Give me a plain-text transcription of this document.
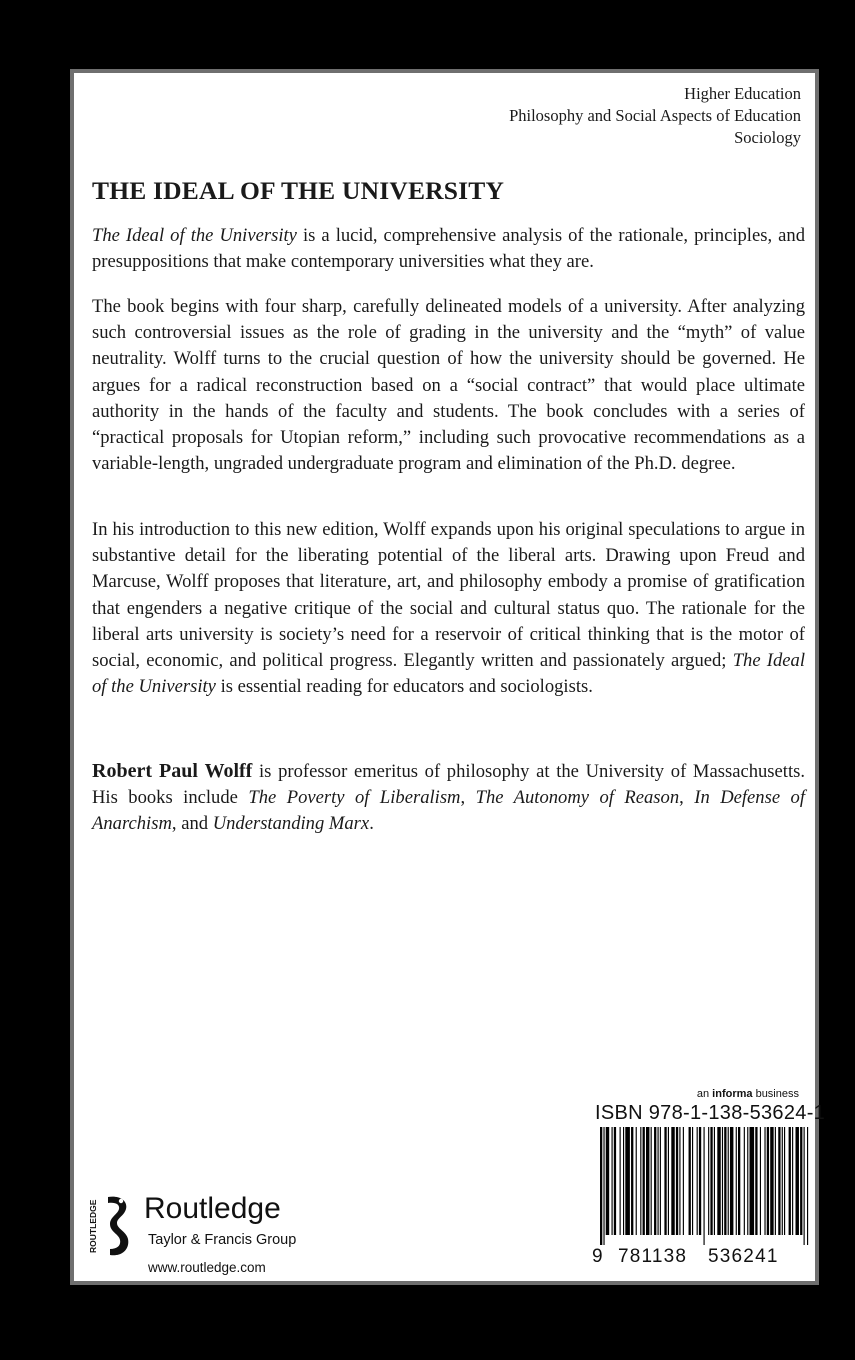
Higher Education
Philosophy and Social Aspects of Education
Sociology
THE IDEAL OF THE UNIVERSITY

The Ideal of the University is a lucid, comprehensive analysis of the rationale, principles, and presuppositions that make contemporary universities what they are.

The book begins with four sharp, carefully delineated models of a university. After analyzing such controversial issues as the role of grading in the university and the “myth” of value neutrality. Wolff turns to the crucial question of how the university should be governed. He argues for a radical reconstruction based on a “social contract” that would place ultimate authority in the hands of the faculty and students. The book concludes with a series of “practical proposals for Utopian reform,” including such provocative recommendations as a variable-length, ungraded undergraduate program and elimination of the Ph.D. degree.

In his introduction to this new edition, Wolff expands upon his original speculations to argue in substantive detail for the liberating potential of the liberal arts. Drawing upon Freud and Marcuse, Wolff proposes that literature, art, and philosophy embody a promise of gratification that engenders a negative critique of the social and cultural status quo. The rationale for the liberal arts university is society’s need for a reservoir of critical thinking that is the motor of social, economic, and political progress. Elegantly written and passionately argued; The Ideal of the University is essential reading for educators and sociologists.

Robert Paul Wolff is professor emeritus of philosophy at the University of Massachusetts. His books include The Poverty of Liberalism, The Autonomy of Reason, In Defense of Anarchism, and Understanding Marx.

an informa business
ISBN 978-1-138-53624-1
9 781138 536241
ROUTLEDGE Routledge
Taylor & Francis Group
www.routledge.com
